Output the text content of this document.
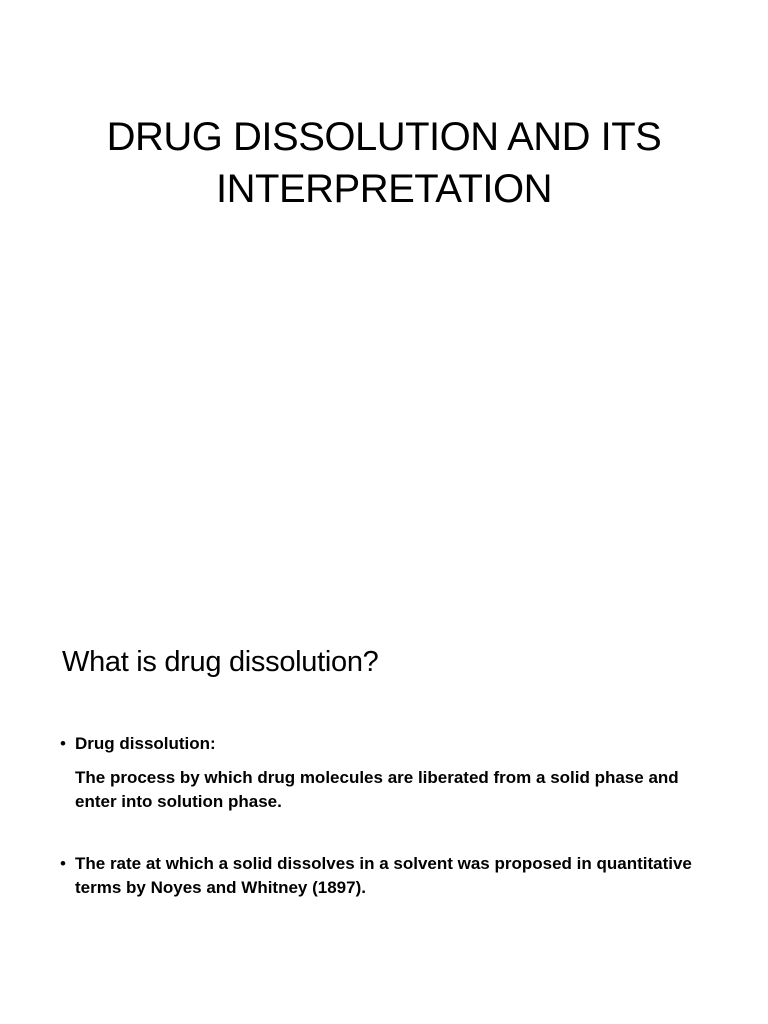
DRUG DISSOLUTION AND ITS
INTERPRETATION
What is drug dissolution?
• Drug dissolution:
The process by which drug molecules are liberated from a solid phase and enter into solution phase.
• The rate at which a solid dissolves in a solvent was proposed in quantitative terms by Noyes and Whitney (1897).
